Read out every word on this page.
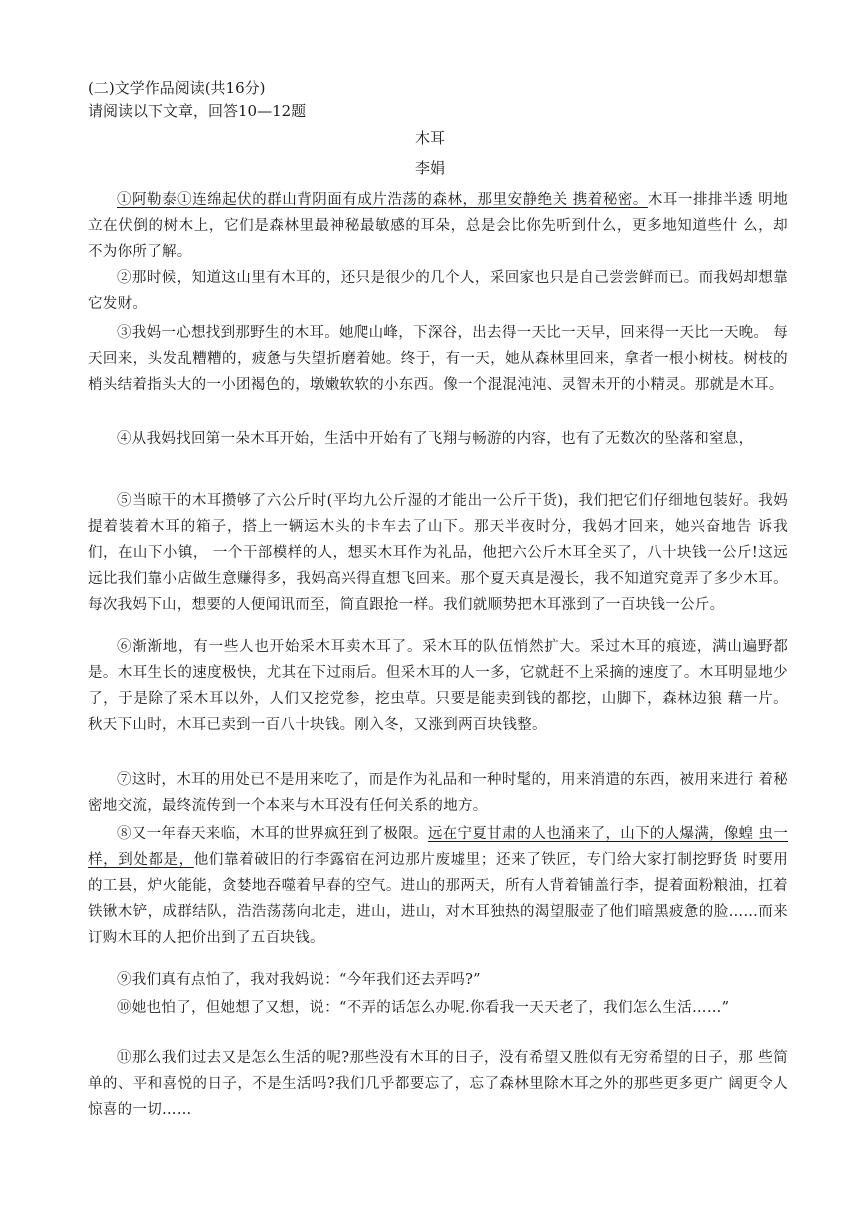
(二)文学作品阅读(共16分)
请阅读以下文章，回答10—12题
木耳
李娟
①阿勒泰①连绵起伏的群山背阴面有成片浩荡的森林，那里安静绝关 携着秘密。木耳一排排半透 明地立在伏倒的树木上，它们是森林里最神秘最敏感的耳朵，总是会比你先听到什么，更多地知道些什 么，却不为你所了解。
②那时候，知道这山里有木耳的，还只是很少的几个人，采回家也只是自己尝尝鲜而已。而我妈却想靠它发财。
③我妈一心想找到那野生的木耳。她爬山峰，下深谷，出去得一天比一天早，回来得一天比一天晚。 每天回来，头发乱糟糟的，疲惫与失望折磨着她。终于，有一天，她从森林里回来，拿者一根小树枝。树枝的梢头结着指头大的一小团褐色的，墩嫩软软的小东西。像一个混混沌沌、灵智未开的小精灵。那就是木耳。
④从我妈找回第一朵木耳开始，生活中开始有了飞翔与畅游的内容，也有了无数次的坠落和窒息，
⑤当晾干的木耳攒够了六公斤时(平均九公斤湿的才能出一公斤干货)，我们把它们仔细地包装好。我妈提着装着木耳的箱子，搭上一辆运木头的卡车去了山下。那天半夜时分，我妈才回来，她兴奋地告 诉我们，在山下小镇， 一个干部模样的人，想买木耳作为礼品，他把六公斤木耳全买了，八十块钱一公斤!这远远比我们靠小店做生意赚得多，我妈高兴得直想飞回来。那个夏天真是漫长，我不知道究竟弄了多少木耳。每次我妈下山，想要的人便闻讯而至，简直跟抢一样。我们就顺势把木耳涨到了一百块钱一公斤。
⑥渐渐地，有一些人也开始采木耳卖木耳了。采木耳的队伍悄然扩大。采过木耳的痕迹，满山遍野都是。木耳生长的速度极快，尤其在下过雨后。但采木耳的人一多，它就赶不上采摘的速度了。木耳明显地少了，于是除了采木耳以外，人们又挖党参，挖虫草。只要是能卖到钱的都挖，山脚下，森林边狼 藉一片。秋天下山时，木耳已卖到一百八十块钱。刚入冬，又涨到两百块钱整。
⑦这时，木耳的用处已不是用来吃了，而是作为礼品和一种时髦的，用来消遣的东西，被用来进行 着秘密地交流，最终流传到一个本来与木耳没有任何关系的地方。
⑧又一年春天来临，木耳的世界疯狂到了极限。远在宁夏甘肃的人也涌来了，山下的人爆满，像蝗 虫一样，到处都是，他们靠着破旧的行李露宿在河边那片废墟里；还来了铁匠，专门给大家打制挖野货 时要用的工县，炉火能能，贪婪地吞噬着早春的空气。进山的那两天，所有人背着铺盖行李，提着面粉粮油，扛着铁锹木铲，成群结队，浩浩荡荡向北走，进山，进山，对木耳独热的渴望服壶了他们暗黑疲惫的脸……而来订购木耳的人把价出到了五百块钱。
⑨我们真有点怕了，我对我妈说：“今年我们还去弄吗?”
⑩她也怕了，但她想了又想，说：“不弄的话怎么办呢.你看我一天天老了，我们怎么生活……”
⑪那么我们过去又是怎么生活的呢?那些没有木耳的日子，没有希望又胜似有无穷希望的日子，那 些简单的、平和喜悦的日子，不是生活吗?我们几乎都要忘了，忘了森林里除木耳之外的那些更多更广 阔更令人惊喜的一切……
